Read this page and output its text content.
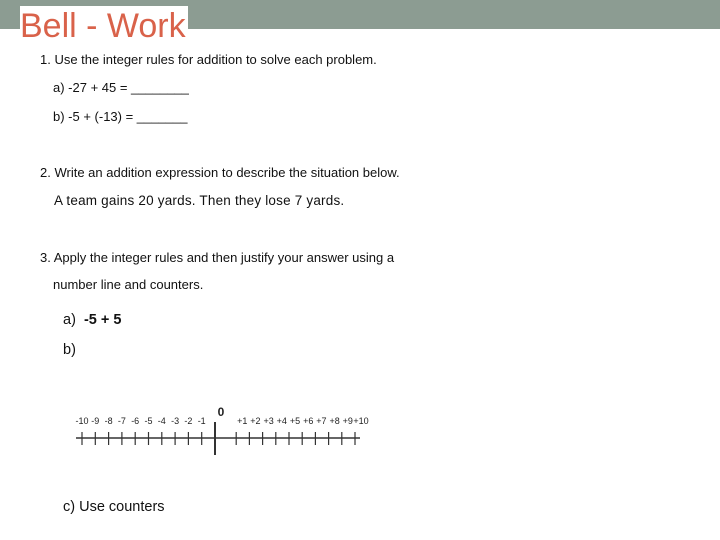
Bell - Work
1. Use the integer rules for addition to solve each problem.
a) -27 + 45 = ________
b) -5 + (-13) = _______
2. Write an addition expression to describe the situation below.
A team gains 20 yards. Then they lose 7 yards.
3. Apply the integer rules and then justify your answer using a
number line and counters.
a) -5 + 5
b)
-10 -9 -8 -7 -6 -5 -4 -3 -2 -1
0
+1 +2 +3 +4 +5 +6 +7 +8 +9 +10
c) Use counters
